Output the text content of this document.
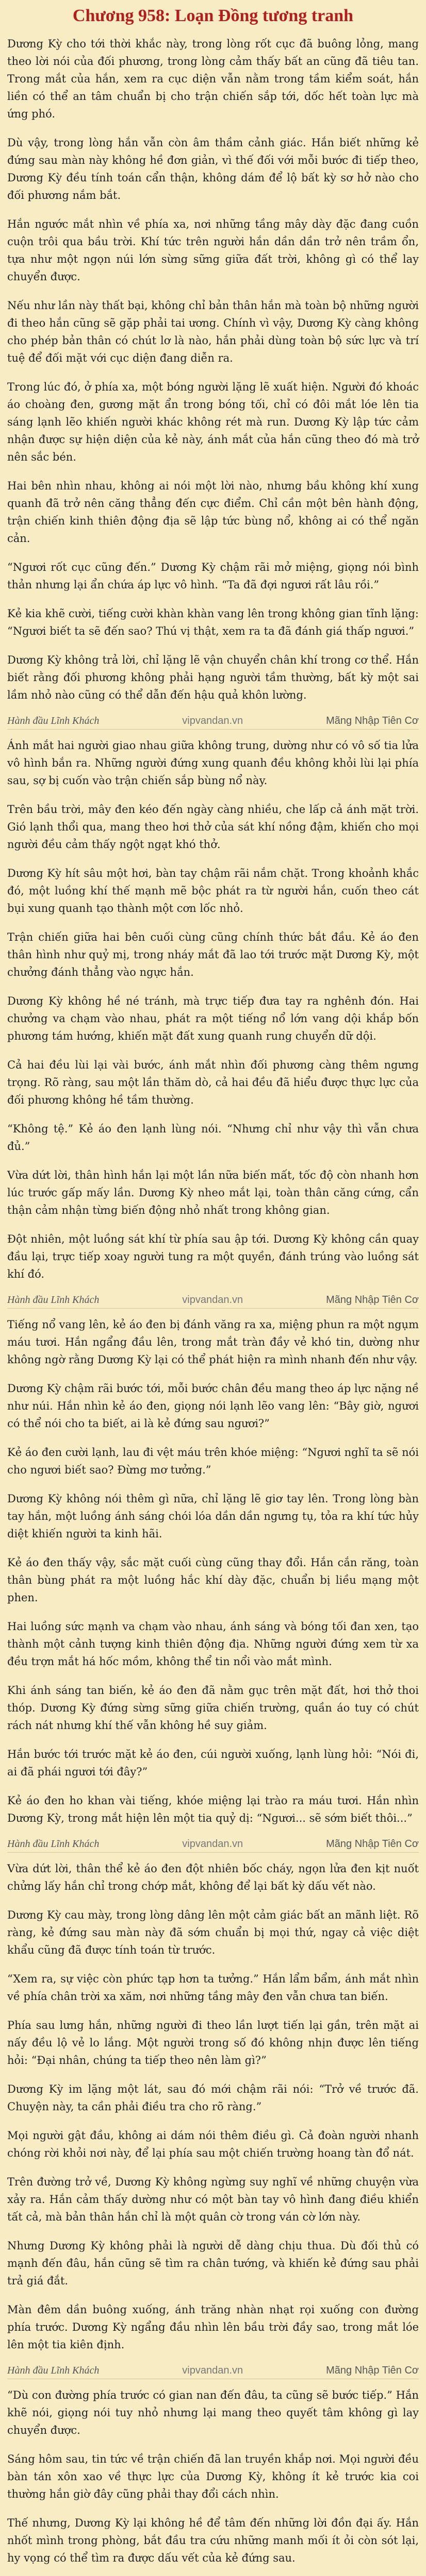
Chương 958: Loạn Đồng tương tranh

Dương Kỳ cho tới thời khắc này, trong lòng rốt cục đã buông lỏng, mang theo lời nói của đối phương, trong lòng cảm thấy bất an cũng đã tiêu tan. Trong mắt của hắn, xem ra cục diện vẫn nằm trong tầm kiểm soát, hắn liền có thể an tâm chuẩn bị cho trận chiến sắp tới, dốc hết toàn lực mà ứng phó.

Dù vậy, trong lòng hắn vẫn còn âm thầm cảnh giác. Hắn biết những kẻ đứng sau màn này không hề đơn giản, vì thế đối với mỗi bước đi tiếp theo, Dương Kỳ đều tính toán cẩn thận, không dám để lộ bất kỳ sơ hở nào cho đối phương nắm bắt.

Hắn ngước mắt nhìn về phía xa, nơi những tầng mây dày đặc đang cuồn cuộn trôi qua bầu trời. Khí tức trên người hắn dần dần trở nên trầm ổn, tựa như một ngọn núi lớn sừng sững giữa đất trời, không gì có thể lay chuyển được.

Nếu như lần này thất bại, không chỉ bản thân hắn mà toàn bộ những người đi theo hắn cũng sẽ gặp phải tai ương. Chính vì vậy, Dương Kỳ càng không cho phép bản thân có chút lơ là nào, hắn phải dùng toàn bộ sức lực và trí tuệ để đối mặt với cục diện đang diễn ra.

Trong lúc đó, ở phía xa, một bóng người lặng lẽ xuất hiện. Người đó khoác áo choàng đen, gương mặt ẩn trong bóng tối, chỉ có đôi mắt lóe lên tia sáng lạnh lẽo khiến người khác không rét mà run. Dương Kỳ lập tức cảm nhận được sự hiện diện của kẻ này, ánh mắt của hắn cũng theo đó mà trở nên sắc bén.

Hai bên nhìn nhau, không ai nói một lời nào, nhưng bầu không khí xung quanh đã trở nên căng thẳng đến cực điểm. Chỉ cần một bên hành động, trận chiến kinh thiên động địa sẽ lập tức bùng nổ, không ai có thể ngăn cản.

“Ngươi rốt cục cũng đến.” Dương Kỳ chậm rãi mở miệng, giọng nói bình thản nhưng lại ẩn chứa áp lực vô hình. “Ta đã đợi ngươi rất lâu rồi.”

Kẻ kia khẽ cười, tiếng cười khàn khàn vang lên trong không gian tĩnh lặng: “Ngươi biết ta sẽ đến sao? Thú vị thật, xem ra ta đã đánh giá thấp ngươi.”

Dương Kỳ không trả lời, chỉ lặng lẽ vận chuyển chân khí trong cơ thể. Hắn biết rằng đối phương không phải hạng người tầm thường, bất kỳ một sai lầm nhỏ nào cũng có thể dẫn đến hậu quả khôn lường.

Hành đầu Lĩnh Khách	vipvandan.vn	Mãng Nhập Tiên Cơ

Ánh mắt hai người giao nhau giữa không trung, dường như có vô số tia lửa vô hình bắn ra. Những người đứng xung quanh đều không khỏi lùi lại phía sau, sợ bị cuốn vào trận chiến sắp bùng nổ này.

Trên bầu trời, mây đen kéo đến ngày càng nhiều, che lấp cả ánh mặt trời. Gió lạnh thổi qua, mang theo hơi thở của sát khí nồng đậm, khiến cho mọi người đều cảm thấy ngột ngạt khó thở.

Dương Kỳ hít sâu một hơi, bàn tay chậm rãi nắm chặt. Trong khoảnh khắc đó, một luồng khí thế mạnh mẽ bộc phát ra từ người hắn, cuốn theo cát bụi xung quanh tạo thành một cơn lốc nhỏ.

Trận chiến giữa hai bên cuối cùng cũng chính thức bắt đầu. Kẻ áo đen thân hình như quỷ mị, trong nháy mắt đã lao tới trước mặt Dương Kỳ, một chưởng đánh thẳng vào ngực hắn.

Dương Kỳ không hề né tránh, mà trực tiếp đưa tay ra nghênh đón. Hai chưởng va chạm vào nhau, phát ra một tiếng nổ lớn vang dội khắp bốn phương tám hướng, khiến mặt đất xung quanh rung chuyển dữ dội.

Cả hai đều lùi lại vài bước, ánh mắt nhìn đối phương càng thêm ngưng trọng. Rõ ràng, sau một lần thăm dò, cả hai đều đã hiểu được thực lực của đối phương không hề tầm thường.

“Không tệ.” Kẻ áo đen lạnh lùng nói. “Nhưng chỉ như vậy thì vẫn chưa đủ.”

Vừa dứt lời, thân hình hắn lại một lần nữa biến mất, tốc độ còn nhanh hơn lúc trước gấp mấy lần. Dương Kỳ nheo mắt lại, toàn thân căng cứng, cẩn thận cảm nhận từng biến động nhỏ nhất trong không gian.

Đột nhiên, một luồng sát khí từ phía sau ập tới. Dương Kỳ không cần quay đầu lại, trực tiếp xoay người tung ra một quyền, đánh trúng vào luồng sát khí đó.

Hành đầu Lĩnh Khách	vipvandan.vn	Mãng Nhập Tiên Cơ

Tiếng nổ vang lên, kẻ áo đen bị đánh văng ra xa, miệng phun ra một ngụm máu tươi. Hắn ngẩng đầu lên, trong mắt tràn đầy vẻ khó tin, dường như không ngờ rằng Dương Kỳ lại có thể phát hiện ra mình nhanh đến như vậy.

Dương Kỳ chậm rãi bước tới, mỗi bước chân đều mang theo áp lực nặng nề như núi. Hắn nhìn kẻ áo đen, giọng nói lạnh lẽo vang lên: “Bây giờ, ngươi có thể nói cho ta biết, ai là kẻ đứng sau ngươi?”

Kẻ áo đen cười lạnh, lau đi vệt máu trên khóe miệng: “Ngươi nghĩ ta sẽ nói cho ngươi biết sao? Đừng mơ tưởng.”

Dương Kỳ không nói thêm gì nữa, chỉ lặng lẽ giơ tay lên. Trong lòng bàn tay hắn, một luồng ánh sáng chói lóa dần dần ngưng tụ, tỏa ra khí tức hủy diệt khiến người ta kinh hãi.

Kẻ áo đen thấy vậy, sắc mặt cuối cùng cũng thay đổi. Hắn cắn răng, toàn thân bùng phát ra một luồng hắc khí dày đặc, chuẩn bị liều mạng một phen.

Hai luồng sức mạnh va chạm vào nhau, ánh sáng và bóng tối đan xen, tạo thành một cảnh tượng kinh thiên động địa. Những người đứng xem từ xa đều trợn mắt há hốc mồm, không thể tin nổi vào mắt mình.

Khi ánh sáng tan biến, kẻ áo đen đã nằm gục trên mặt đất, hơi thở thoi thóp. Dương Kỳ đứng sừng sững giữa chiến trường, quần áo tuy có chút rách nát nhưng khí thế vẫn không hề suy giảm.

Hắn bước tới trước mặt kẻ áo đen, cúi người xuống, lạnh lùng hỏi: “Nói đi, ai đã phái ngươi tới đây?”

Kẻ áo đen ho khan vài tiếng, khóe miệng lại trào ra máu tươi. Hắn nhìn Dương Kỳ, trong mắt hiện lên một tia quỷ dị: “Ngươi... sẽ sớm biết thôi...”

Hành đầu Lĩnh Khách	vipvandan.vn	Mãng Nhập Tiên Cơ

Vừa dứt lời, thân thể kẻ áo đen đột nhiên bốc cháy, ngọn lửa đen kịt nuốt chửng lấy hắn chỉ trong chớp mắt, không để lại bất kỳ dấu vết nào.

Dương Kỳ cau mày, trong lòng dâng lên một cảm giác bất an mãnh liệt. Rõ ràng, kẻ đứng sau màn này đã sớm chuẩn bị mọi thứ, ngay cả việc diệt khẩu cũng đã được tính toán từ trước.

“Xem ra, sự việc còn phức tạp hơn ta tưởng.” Hắn lẩm bẩm, ánh mắt nhìn về phía chân trời xa xăm, nơi những tầng mây đen vẫn chưa tan biến.

Phía sau lưng hắn, những người đi theo lần lượt tiến lại gần, trên mặt ai nấy đều lộ vẻ lo lắng. Một người trong số đó không nhịn được lên tiếng hỏi: “Đại nhân, chúng ta tiếp theo nên làm gì?”

Dương Kỳ im lặng một lát, sau đó mới chậm rãi nói: “Trở về trước đã. Chuyện này, ta cần phải điều tra cho rõ ràng.”

Mọi người gật đầu, không ai dám nói thêm điều gì. Cả đoàn người nhanh chóng rời khỏi nơi này, để lại phía sau một chiến trường hoang tàn đổ nát.

Trên đường trở về, Dương Kỳ không ngừng suy nghĩ về những chuyện vừa xảy ra. Hắn cảm thấy dường như có một bàn tay vô hình đang điều khiển tất cả, mà bản thân hắn chỉ là một quân cờ trong ván cờ lớn này.

Nhưng Dương Kỳ không phải là người dễ dàng chịu thua. Dù đối thủ có mạnh đến đâu, hắn cũng sẽ tìm ra chân tướng, và khiến kẻ đứng sau phải trả giá đắt.

Màn đêm dần buông xuống, ánh trăng nhàn nhạt rọi xuống con đường phía trước. Dương Kỳ ngẩng đầu nhìn lên bầu trời đầy sao, trong mắt lóe lên một tia kiên định.

Hành đầu Lĩnh Khách	vipvandan.vn	Mãng Nhập Tiên Cơ

“Dù con đường phía trước có gian nan đến đâu, ta cũng sẽ bước tiếp.” Hắn khẽ nói, giọng nói tuy nhỏ nhưng lại mang theo quyết tâm không gì lay chuyển được.

Sáng hôm sau, tin tức về trận chiến đã lan truyền khắp nơi. Mọi người đều bàn tán xôn xao về thực lực của Dương Kỳ, không ít kẻ trước kia coi thường hắn giờ đây cũng phải thay đổi cách nhìn.

Thế nhưng, Dương Kỳ lại không hề để tâm đến những lời đồn đại ấy. Hắn nhốt mình trong phòng, bắt đầu tra cứu những manh mối ít ỏi còn sót lại, hy vọng có thể tìm ra được dấu vết của kẻ đứng sau.
